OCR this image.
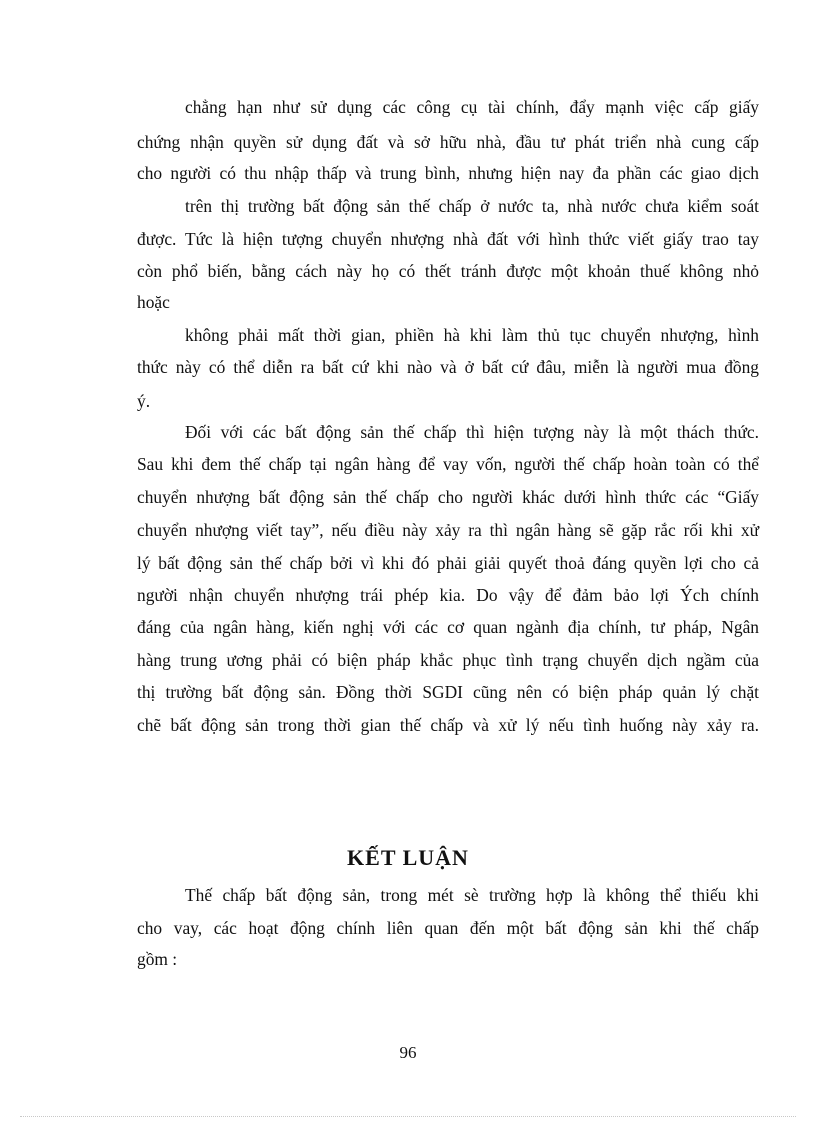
chẳng hạn như sử dụng các công cụ tài chính, đẩy mạnh việc cấp giấy
chứng nhận quyền sử dụng đất và sở hữu nhà, đầu tư phát triển nhà cung cấp
cho người có thu nhập thấp và trung bình, nhưng hiện nay đa phần các giao dịch
trên thị trường bất động sản thế chấp ở nước ta, nhà nước chưa kiểm soát
được. Tức là hiện tượng chuyển nhượng nhà đất với hình thức viết giấy trao tay
còn phổ biến, bằng cách này họ có thết tránh được một khoản thuế không nhỏ
hoặc
không phải mất thời gian, phiền hà khi làm thủ tục chuyển nhượng, hình
thức này có thể diễn ra bất cứ khi nào và ở bất cứ đâu, miễn là người mua đồng
ý.
Đối với các bất động sản thế chấp thì hiện tượng này là một thách thức.
Sau khi đem thế chấp tại ngân hàng để vay vốn, người thế chấp hoàn toàn có thể
chuyển nhượng bất động sản thế chấp cho người khác dưới hình thức các “Giấy
chuyển nhượng viết tay”, nếu điều này xảy ra thì ngân hàng sẽ gặp rắc rối khi xử
lý bất động sản thế chấp bởi vì khi đó phải giải quyết thoả đáng quyền lợi cho cả
người nhận chuyển nhượng trái phép kia. Do vậy để đảm bảo lợi Ých chính
đáng của ngân hàng, kiến nghị với các cơ quan ngành địa chính, tư pháp, Ngân
hàng trung ương phải có biện pháp khắc phục tình trạng chuyển dịch ngầm của
thị trường bất động sản. Đồng thời SGDI cũng nên có biện pháp quản lý chặt
chẽ bất động sản trong thời gian thế chấp và xử lý nếu tình huống này xảy ra.
KẾT LUẬN
Thế chấp bất động sản, trong mét sè trường hợp là không thể thiếu khi
cho vay, các hoạt động chính liên quan đến một bất động sản khi thế chấp
gồm :
96
